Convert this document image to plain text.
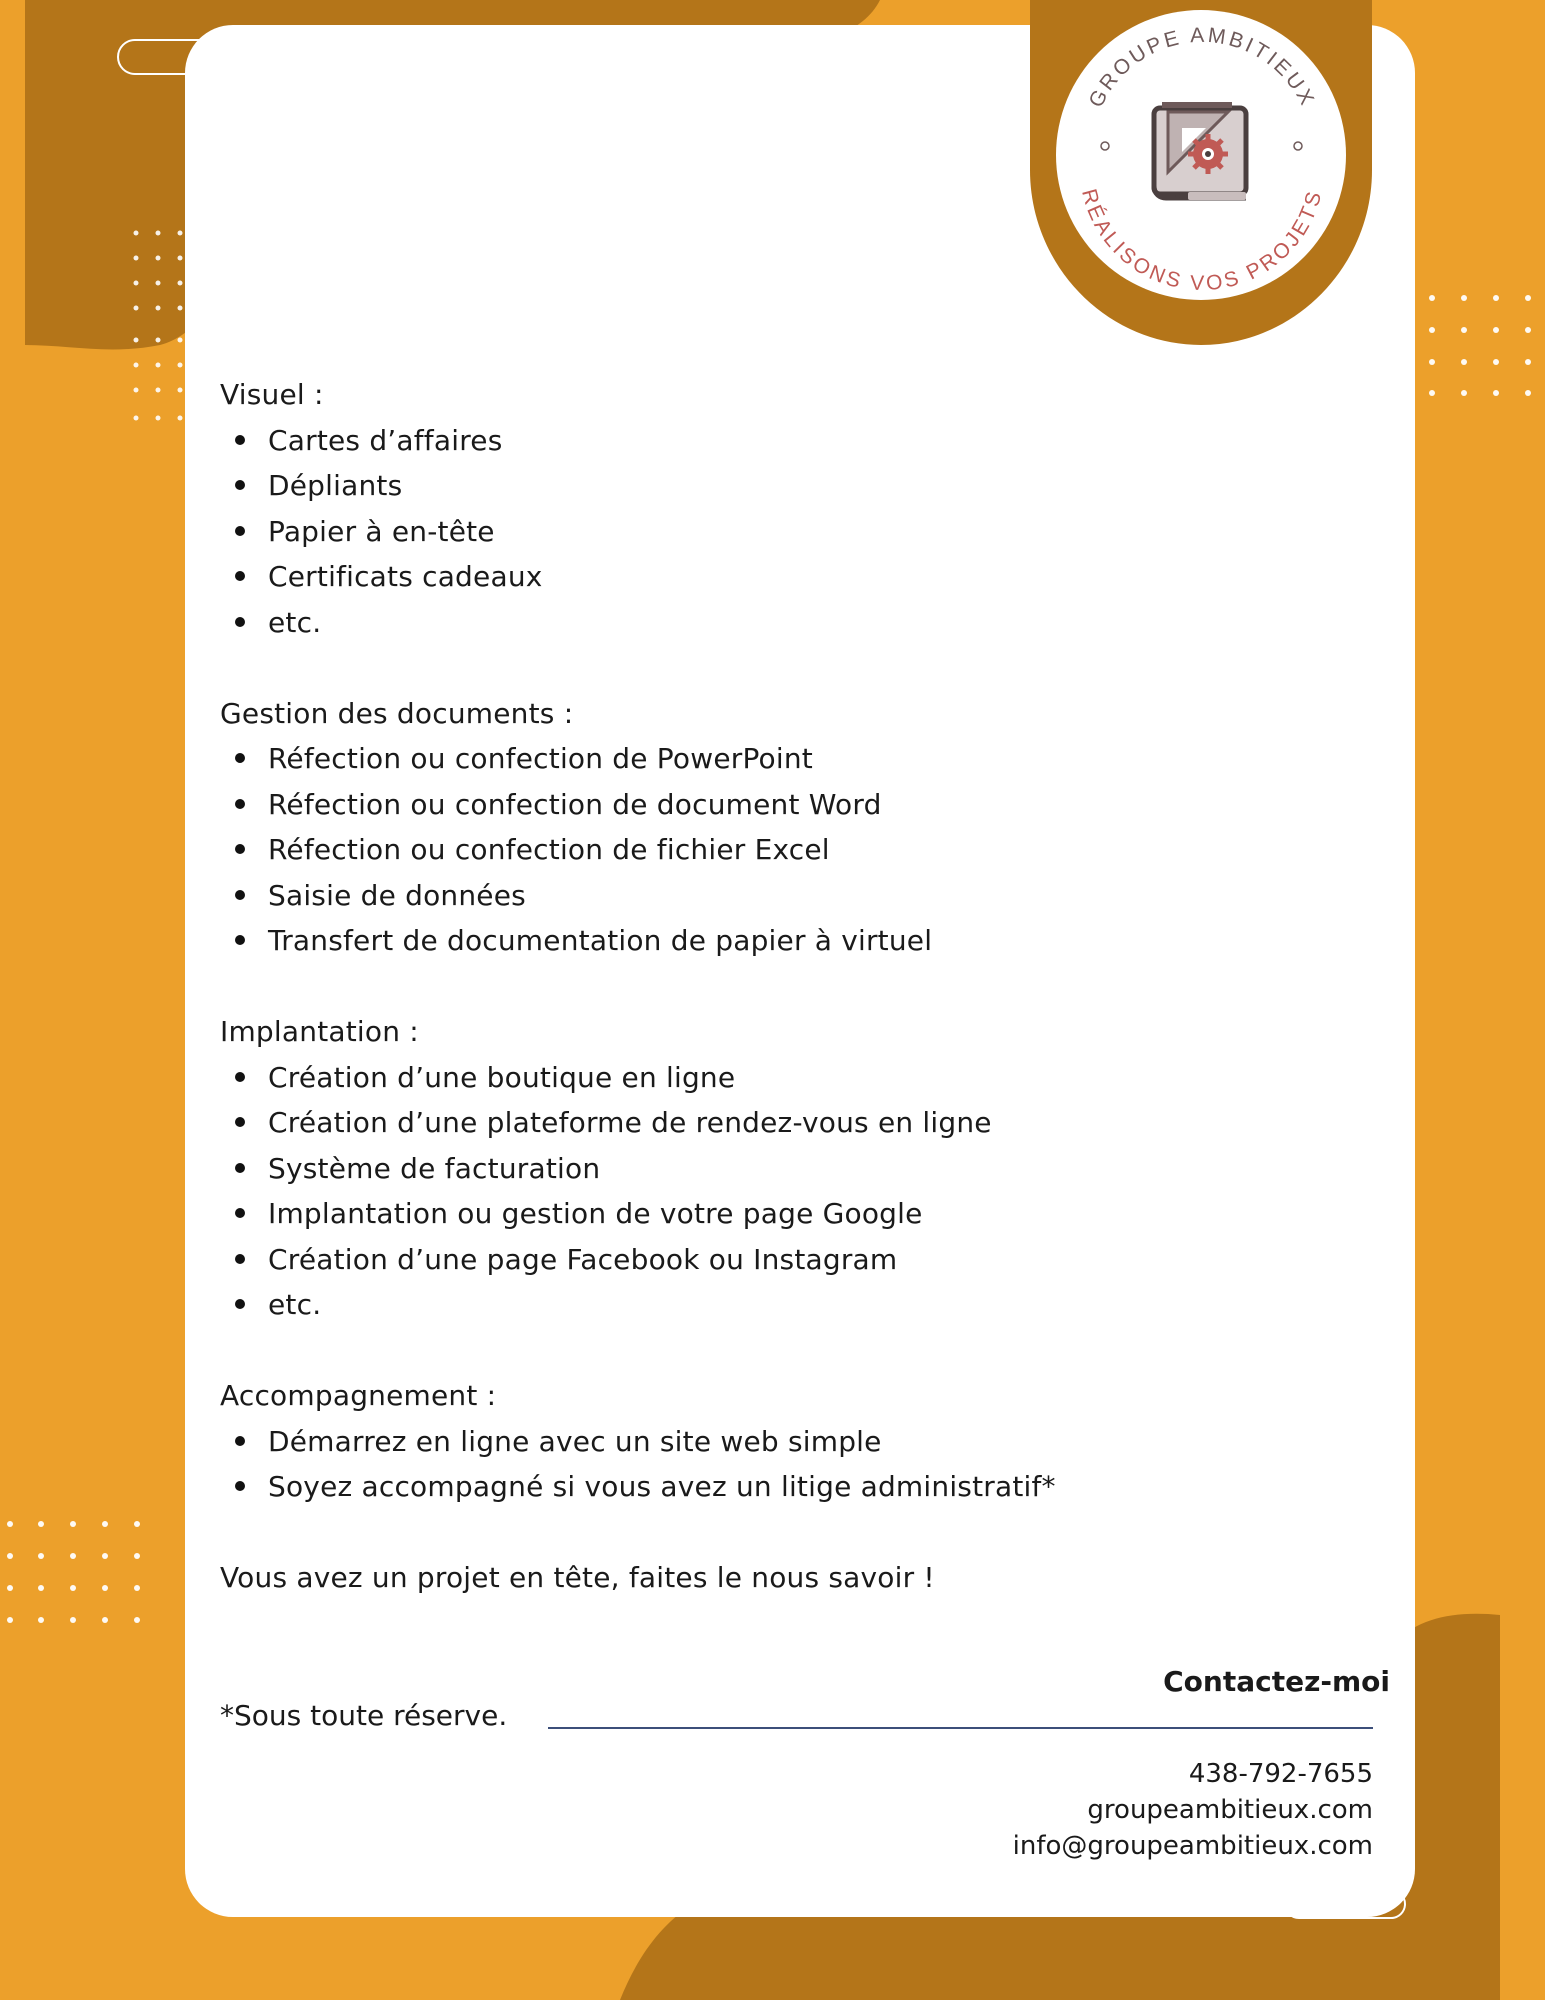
GROUPE AMBITIEUX
RÉALISONS VOS PROJETS

Visuel :

Cartes d’affaires
Dépliants
Papier à en-tête
Certificats cadeaux
etc.

Gestion des documents :

Réfection ou confection de PowerPoint
Réfection ou confection de document Word
Réfection ou confection de fichier Excel
Saisie de données
Transfert de documentation de papier à virtuel

Implantation :

Création d’une boutique en ligne
Création d’une plateforme de rendez-vous en ligne
Système de facturation
Implantation ou gestion de votre page Google
Création d’une page Facebook ou Instagram
etc.

Accompagnement :

Démarrez en ligne avec un site web simple
Soyez accompagné si vous avez un litige administratif*

Vous avez un projet en tête, faites le nous savoir !

*Sous toute réserve.
Contactez-moi
438-792-7655
groupeambitieux.com
info@groupeambitieux.com
